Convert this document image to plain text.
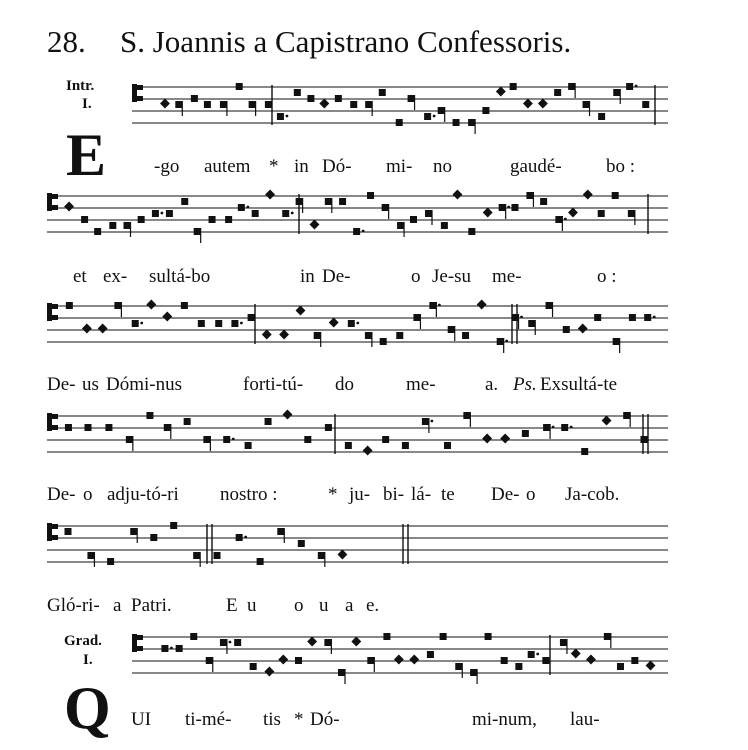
28. S. Joannis a Capistrano Confessoris.
Intr.
I.
E	-go autem * in Dó- mi- no	gaudé- bo :
et ex- sultá-bo	in De-	o Je-su me-	o :
De- us Dómi-nus	forti-tú- do	me-	a. Ps. Exsultá-te
De- o adju-tó-ri nostro :	* ju- bi- lá- te De- o Ja-cob.
Gló-ri- a Patri.	E u o u a e.
Grad.
I.
Q UI ti-mé- tis * Dó-	mi-num, lau-
